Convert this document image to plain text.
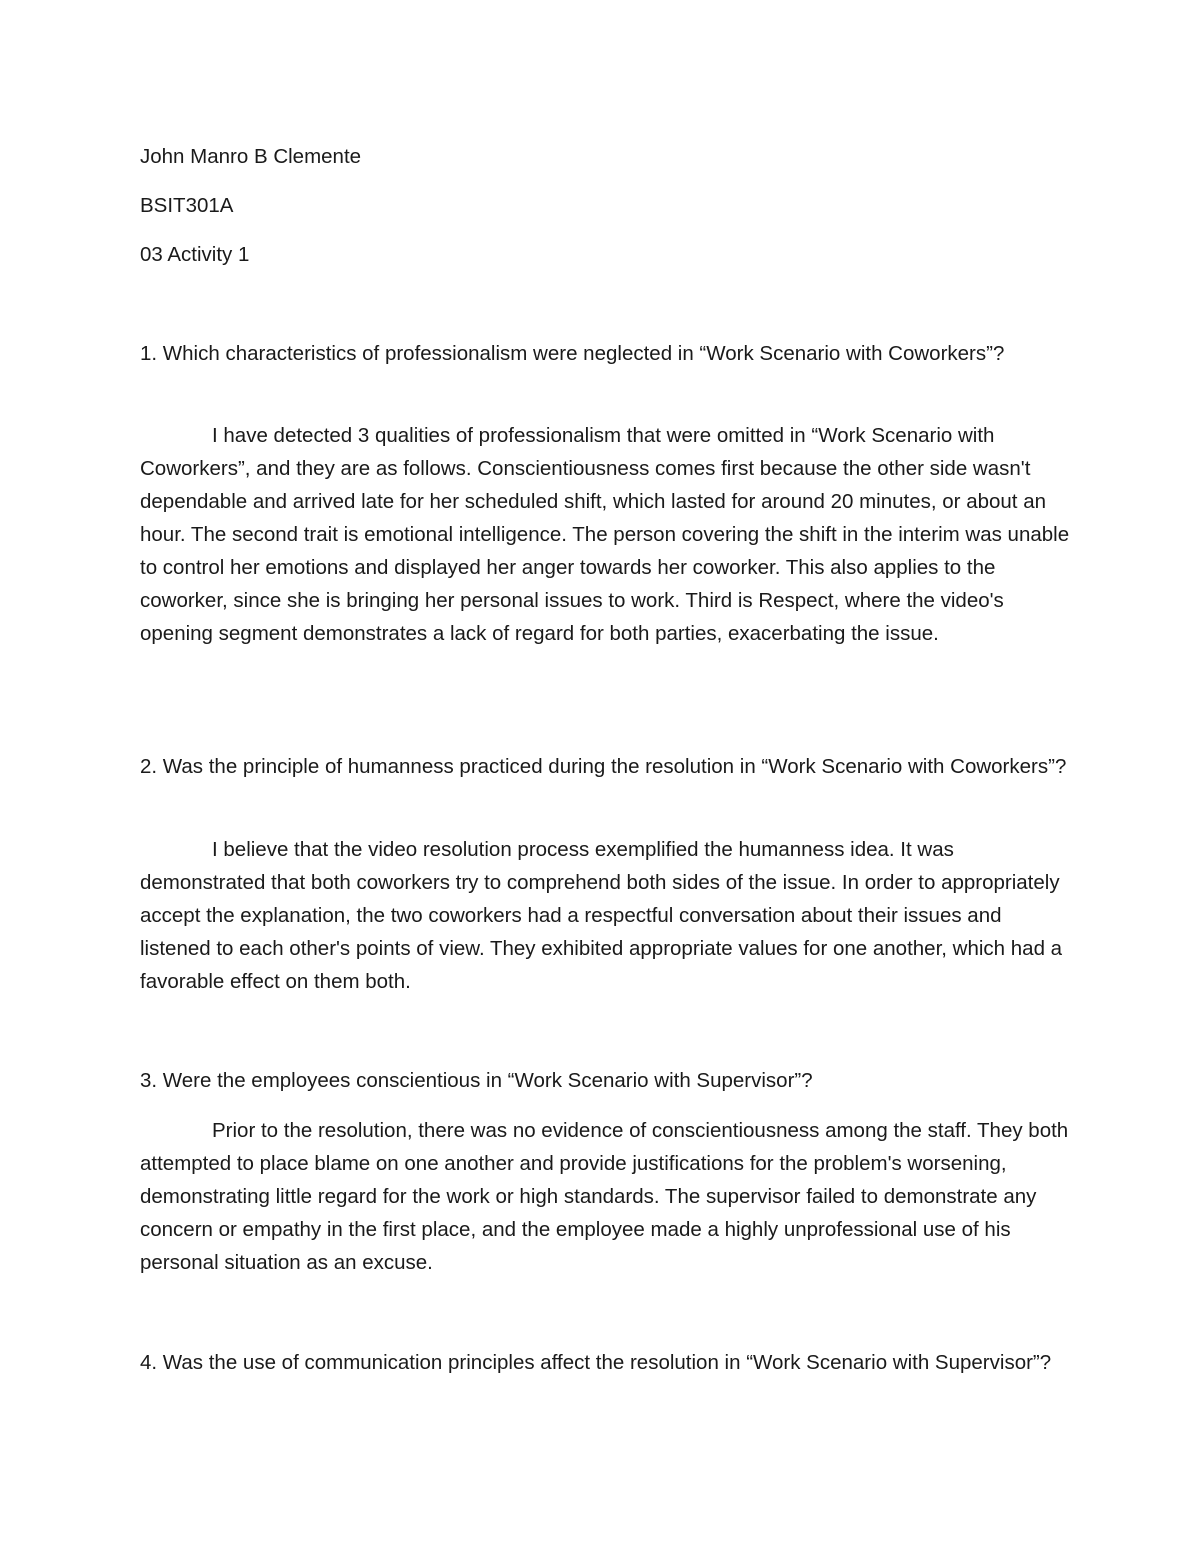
John Manro B Clemente
BSIT301A
03 Activity 1

1. Which characteristics of professionalism were neglected in “Work Scenario with Coworkers”?

I have detected 3 qualities of professionalism that were omitted in “Work Scenario with Coworkers”, and they are as follows. Conscientiousness comes first because the other side wasn't dependable and arrived late for her scheduled shift, which lasted for around 20 minutes, or about an hour. The second trait is emotional intelligence. The person covering the shift in the interim was unable to control her emotions and displayed her anger towards her coworker. This also applies to the coworker, since she is bringing her personal issues to work. Third is Respect, where the video's opening segment demonstrates a lack of regard for both parties, exacerbating the issue.

2. Was the principle of humanness practiced during the resolution in “Work Scenario with Coworkers”?

I believe that the video resolution process exemplified the humanness idea. It was demonstrated that both coworkers try to comprehend both sides of the issue. In order to appropriately accept the explanation, the two coworkers had a respectful conversation about their issues and listened to each other's points of view. They exhibited appropriate values for one another, which had a favorable effect on them both.

3. Were the employees conscientious in “Work Scenario with Supervisor”?

Prior to the resolution, there was no evidence of conscientiousness among the staff. They both attempted to place blame on one another and provide justifications for the problem's worsening, demonstrating little regard for the work or high standards. The supervisor failed to demonstrate any concern or empathy in the first place, and the employee made a highly unprofessional use of his personal situation as an excuse.

4. Was the use of communication principles affect the resolution in “Work Scenario with Supervisor”?
